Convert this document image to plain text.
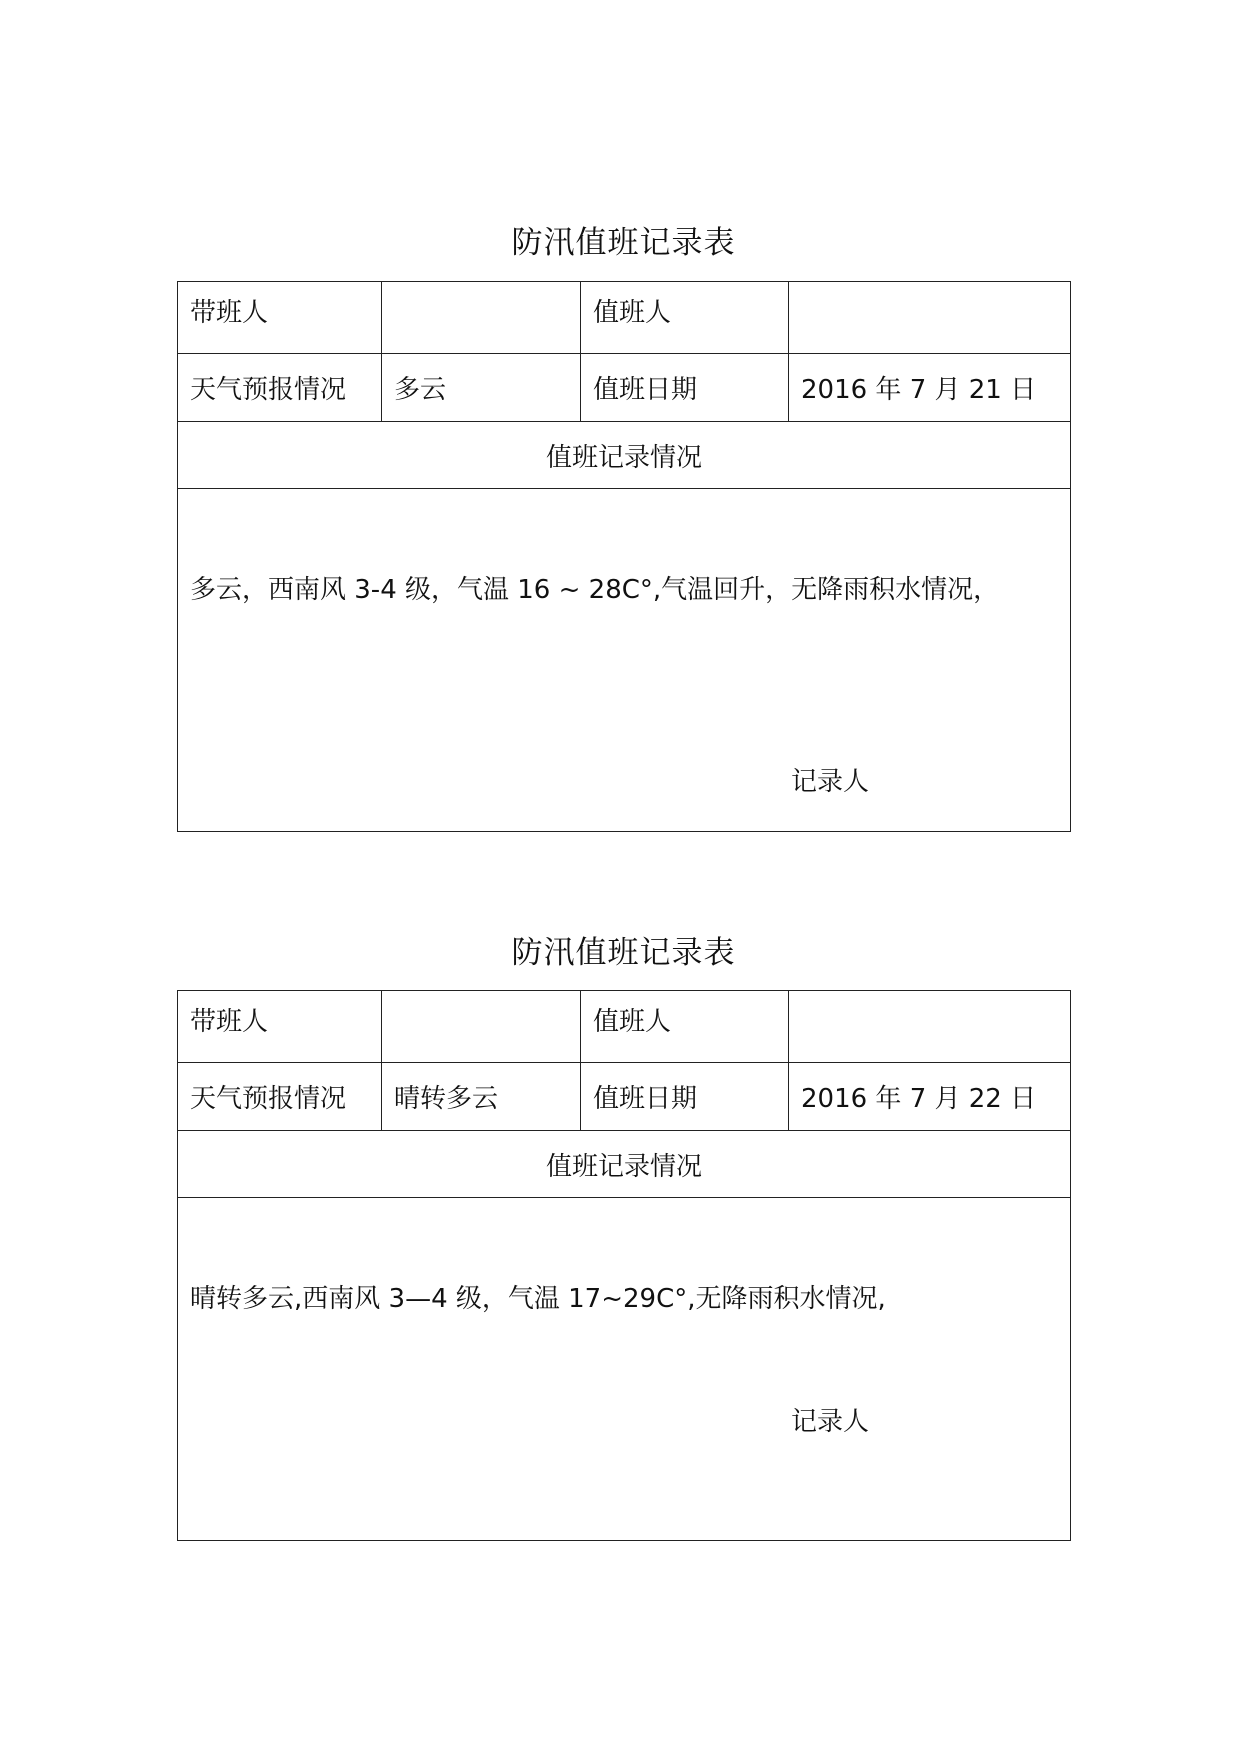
防汛值班记录表
带班人		值班人	
天气预报情况	多云	值班日期	2016 年 7 月 21 日
值班记录情况			

多云，西南风 3-4 级，气温 16 ~ 28C°,气温回升，无降雨积水情况，
记录人			
防汛值班记录表
带班人		值班人	
天气预报情况	晴转多云	值班日期	2016 年 7 月 22 日
值班记录情况			

晴转多云,西南风 3—4 级，气温 17~29C°,无降雨积水情况,
记录人			
